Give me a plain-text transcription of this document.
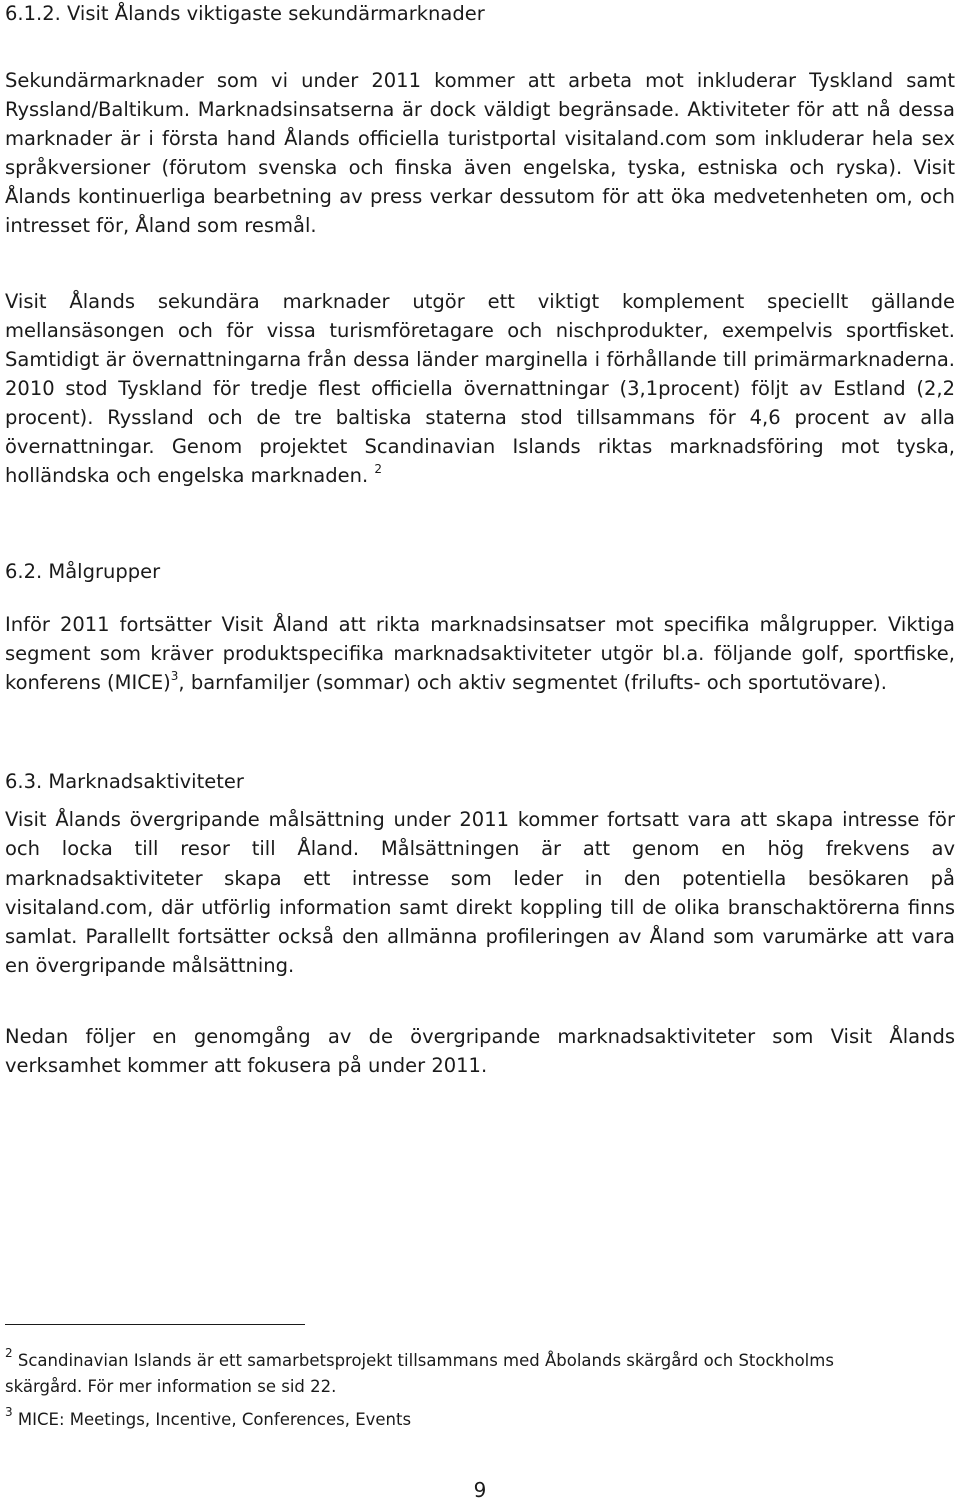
6.1.2. Visit Ålands viktigaste sekundärmarknader

Sekundärmarknader som vi under 2011 kommer att arbeta mot inkluderar Tyskland samt Ryssland/Baltikum. Marknadsinsatserna är dock väldigt begränsade. Aktiviteter för att nå dessa marknader är i första hand Ålands officiella turistportal visitaland.com som inkluderar hela sex språkversioner (förutom svenska och finska även engelska, tyska, estniska och ryska). Visit Ålands kontinuerliga bearbetning av press verkar dessutom för att öka medvetenheten om, och intresset för, Åland som resmål.

Visit Ålands sekundära marknader utgör ett viktigt komplement speciellt gällande mellansäsongen och för vissa turismföretagare och nischprodukter, exempelvis sportfisket. Samtidigt är övernattningarna från dessa länder marginella i förhållande till primärmarknaderna. 2010 stod Tyskland för tredje flest officiella övernattningar (3,1procent) följt av Estland (2,2 procent). Ryssland och de tre baltiska staterna stod tillsammans för 4,6 procent av alla övernattningar. Genom projektet Scandinavian Islands riktas marknadsföring mot tyska, holländska och engelska marknaden. $^2$

6.2. Målgrupper

Inför 2011 fortsätter Visit Åland att rikta marknadsinsatser mot specifika målgrupper. Viktiga segment som kräver produktspecifika marknadsaktiviteter utgör bl.a. följande golf, sportfiske, konferens (MICE)$^3$, barnfamiljer (sommar) och aktiv segmentet (frilufts- och sportutövare).

6.3. Marknadsaktiviteter

Visit Ålands övergripande målsättning under 2011 kommer fortsatt vara att skapa intresse för och locka till resor till Åland. Målsättningen är att genom en hög frekvens av marknadsaktiviteter skapa ett intresse som leder in den potentiella besökaren på visitaland.com, där utförlig information samt direkt koppling till de olika branschaktörerna finns samlat. Parallellt fortsätter också den allmänna profileringen av Åland som varumärke att vara en övergripande målsättning.

Nedan följer en genomgång av de övergripande marknadsaktiviteter som Visit Ålands verksamhet kommer att fokusera på under 2011.

$^2$ Scandinavian Islands är ett samarbetsprojekt tillsammans med Åbolands skärgård och Stockholms skärgård. För mer information se sid 22.

$^3$ MICE: Meetings, Incentive, Conferences, Events

9
